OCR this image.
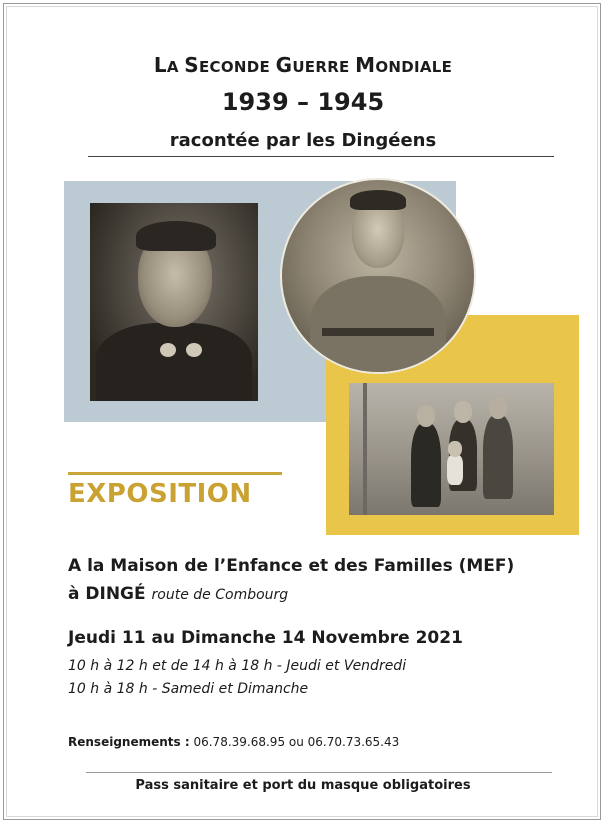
LA SECONDE GUERRE MONDIALE
1939 – 1945
racontée par les Dingéens
EXPOSITION
A la Maison de l’Enfance et des Familles (MEF)
à DINGÉ route de Combourg
Jeudi 11 au Dimanche 14 Novembre 2021
10 h à 12 h et de 14 h à 18 h - Jeudi et Vendredi
10 h à 18 h - Samedi et Dimanche
Renseignements : 06.78.39.68.95 ou 06.70.73.65.43
Pass sanitaire et port du masque obligatoires
